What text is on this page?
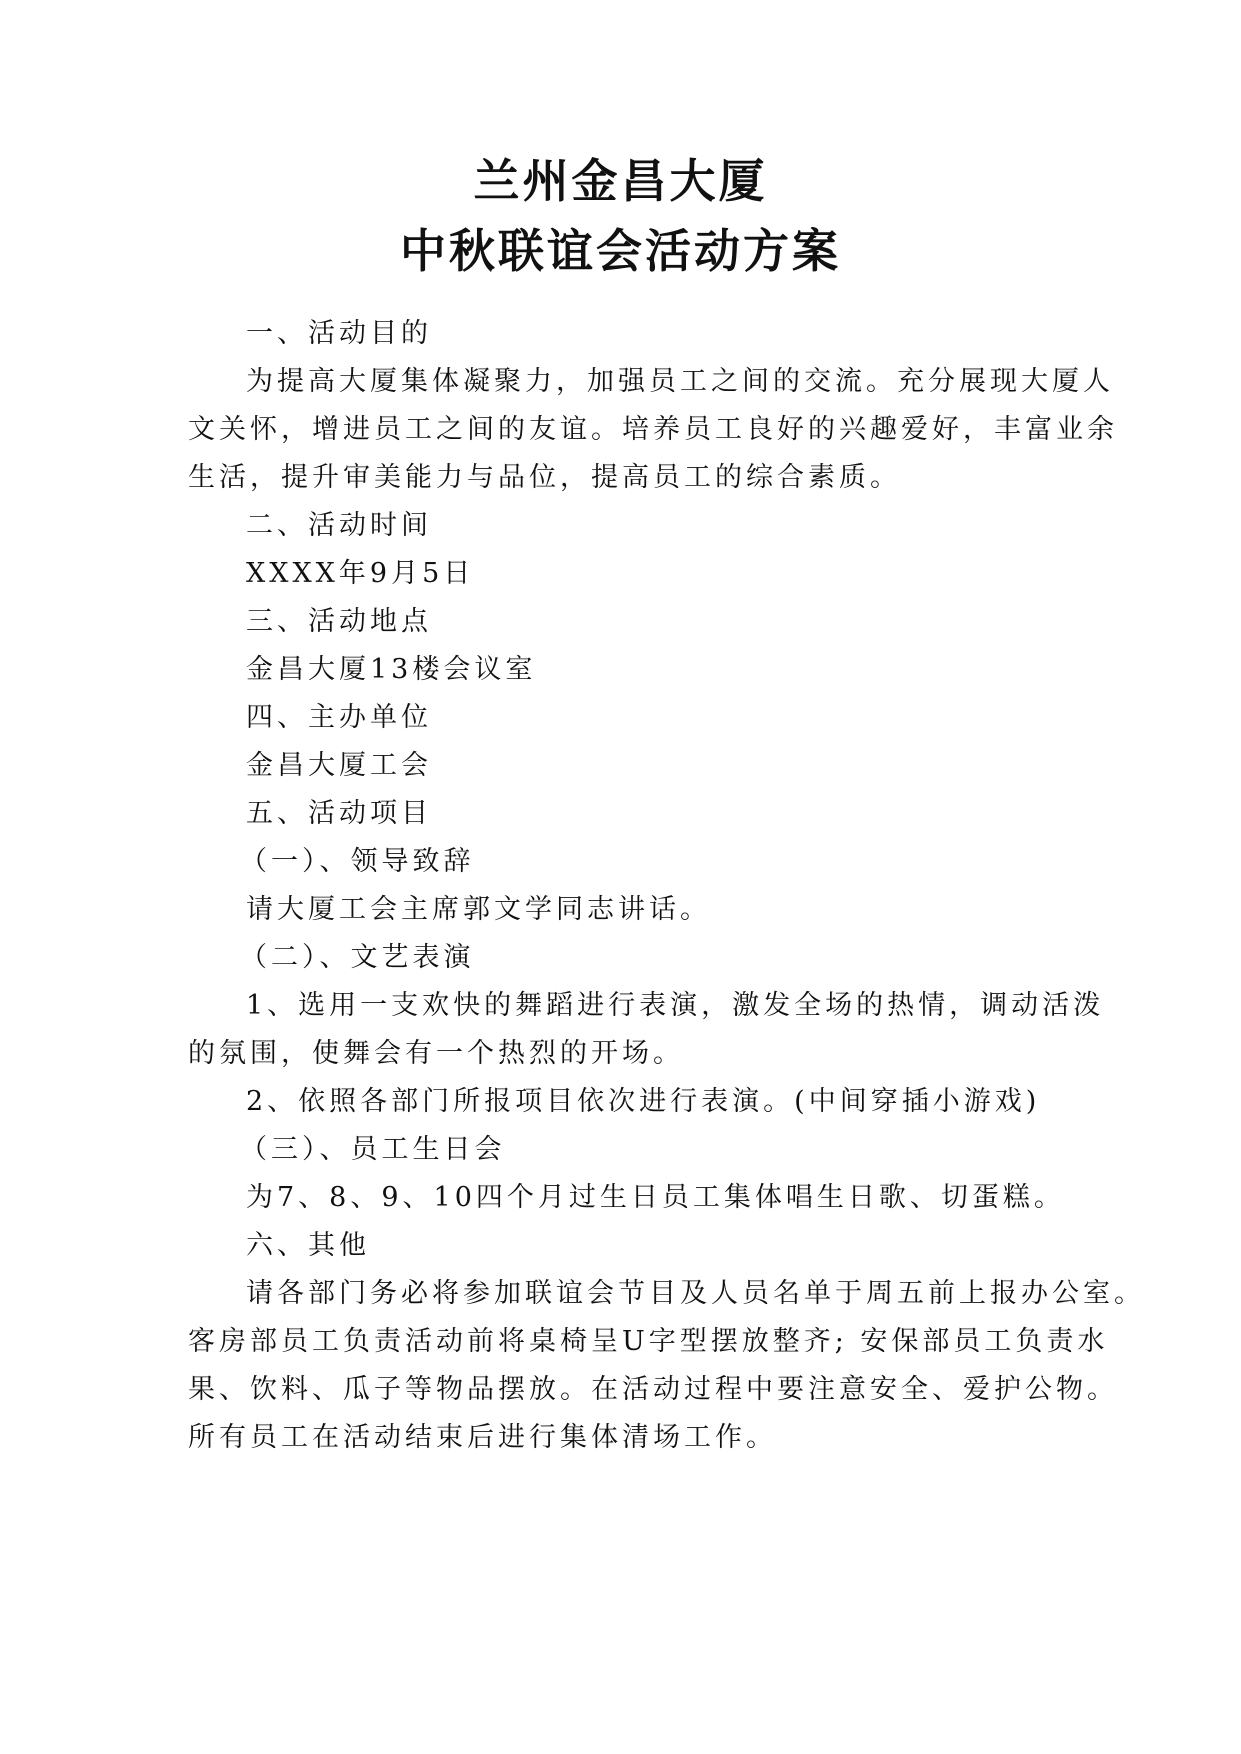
兰州金昌大厦
中秋联谊会活动方案
一、活动目的
为提高大厦集体凝聚力，加强员工之间的交流。充分展现大厦人
文关怀，增进员工之间的友谊。培养员工良好的兴趣爱好，丰富业余
生活，提升审美能力与品位，提高员工的综合素质。
二、活动时间
XXXX年9月5日
三、活动地点
金昌大厦13楼会议室
四、主办单位
金昌大厦工会
五、活动项目
（一）、领导致辞
请大厦工会主席郭文学同志讲话。
（二）、文艺表演
1、选用一支欢快的舞蹈进行表演，激发全场的热情，调动活泼
的氛围，使舞会有一个热烈的开场。
2、依照各部门所报项目依次进行表演。(中间穿插小游戏)
（三）、员工生日会
为7、8、9、10四个月过生日员工集体唱生日歌、切蛋糕。
六、其他
请各部门务必将参加联谊会节目及人员名单于周五前上报办公室。
客房部员工负责活动前将桌椅呈U字型摆放整齐; 安保部员工负责水
果、饮料、瓜子等物品摆放。在活动过程中要注意安全、爱护公物。
所有员工在活动结束后进行集体清场工作。
